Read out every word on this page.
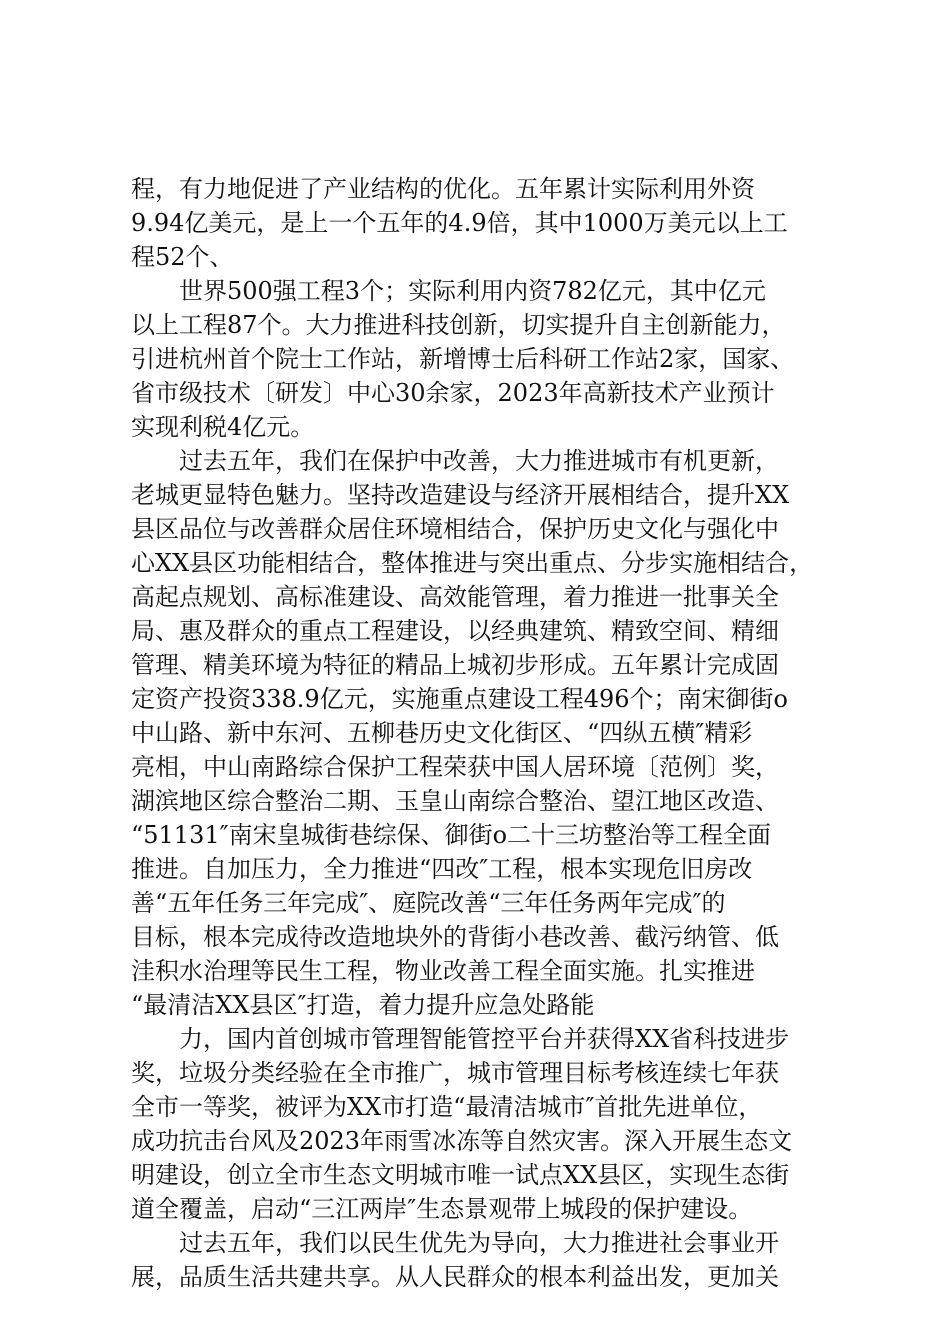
程，有力地促进了产业结构的优化。五年累计实际利用外资
9.94亿美元，是上一个五年的4.9倍，其中1000万美元以上工
程52个、
世界500强工程3个；实际利用内资782亿元，其中亿元
以上工程87个。大力推进科技创新，切实提升自主创新能力，
引进杭州首个院士工作站，新增博士后科研工作站2家，国家、
省市级技术〔研发〕中心30余家，2023年高新技术产业预计
实现利税4亿元。
过去五年，我们在保护中改善，大力推进城市有机更新，
老城更显特色魅力。坚持改造建设与经济开展相结合，提升XX
县区品位与改善群众居住环境相结合，保护历史文化与强化中
心XX县区功能相结合，整体推进与突出重点、分步实施相结合，
高起点规划、高标准建设、高效能管理，着力推进一批事关全
局、惠及群众的重点工程建设，以经典建筑、精致空间、精细
管理、精美环境为特征的精品上城初步形成。五年累计完成固
定资产投资338.9亿元，实施重点建设工程496个；南宋御街o
中山路、新中东河、五柳巷历史文化街区、“四纵五横″精彩
亮相，中山南路综合保护工程荣获中国人居环境〔范例〕奖，
湖滨地区综合整治二期、玉皇山南综合整治、望江地区改造、
“51131″南宋皇城街巷综保、御街o二十三坊整治等工程全面
推进。自加压力，全力推进“四改″工程，根本实现危旧房改
善“五年任务三年完成″、庭院改善“三年任务两年完成″的
目标，根本完成待改造地块外的背街小巷改善、截污纳管、低
洼积水治理等民生工程，物业改善工程全面实施。扎实推进
“最清洁XX县区″打造，着力提升应急处路能
力，国内首创城市管理智能管控平台并获得XX省科技进步
奖，垃圾分类经验在全市推广，城市管理目标考核连续七年获
全市一等奖，被评为XX市打造“最清洁城市″首批先进单位，
成功抗击台风及2023年雨雪冰冻等自然灾害。深入开展生态文
明建设，创立全市生态文明城市唯一试点XX县区，实现生态街
道全覆盖，启动“三江两岸″生态景观带上城段的保护建设。
过去五年，我们以民生优先为导向，大力推进社会事业开
展，品质生活共建共享。从人民群众的根本利益出发，更加关
